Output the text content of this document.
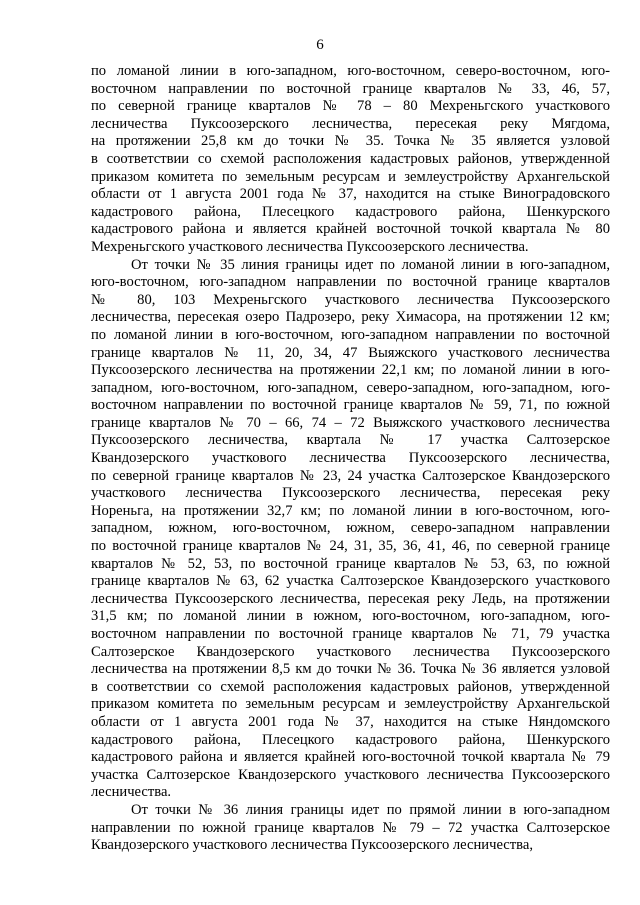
6
по ломаной линии в юго-западном, юго-восточном, северо-восточном, юго-
восточном направлении по восточной границе кварталов № 33, 46, 57,
по северной границе кварталов № 78 – 80 Мехреньгского участкового
лесничества Пуксоозерского лесничества, пересекая реку Мягдома,
на протяжении 25,8 км до точки № 35. Точка № 35 является узловой
в соответствии со схемой расположения кадастровых районов, утвержденной
приказом комитета по земельным ресурсам и землеустройству Архангельской
области от 1 августа 2001 года № 37, находится на стыке Виноградовского
кадастрового района, Плесецкого кадастрового района, Шенкурского
кадастрового района и является крайней восточной точкой квартала № 80
Мехреньгского участкового лесничества Пуксоозерского лесничества.
От точки № 35 линия границы идет по ломаной линии в юго-западном,
юго-восточном, юго-западном направлении по восточной границе кварталов
№ 80, 103 Мехреньгского участкового лесничества Пуксоозерского
лесничества, пересекая озеро Падрозеро, реку Химасора, на протяжении 12 км;
по ломаной линии в юго-восточном, юго-западном направлении по восточной
границе кварталов № 11, 20, 34, 47 Выяжского участкового лесничества
Пуксоозерского лесничества на протяжении 22,1 км; по ломаной линии в юго-
западном, юго-восточном, юго-западном, северо-западном, юго-западном, юго-
восточном направлении по восточной границе кварталов № 59, 71, по южной
границе кварталов № 70 – 66, 74 – 72 Выяжского участкового лесничества
Пуксоозерского лесничества, квартала № 17 участка Салтозерское
Квандозерского участкового лесничества Пуксоозерского лесничества,
по северной границе кварталов № 23, 24 участка Салтозерское Квандозерского
участкового лесничества Пуксоозерского лесничества, пересекая реку
Нореньга, на протяжении 32,7 км; по ломаной линии в юго-восточном, юго-
западном, южном, юго-восточном, южном, северо-западном направлении
по восточной границе кварталов № 24, 31, 35, 36, 41, 46, по северной границе
кварталов № 52, 53, по восточной границе кварталов № 53, 63, по южной
границе кварталов № 63, 62 участка Салтозерское Квандозерского участкового
лесничества Пуксоозерского лесничества, пересекая реку Ледь, на протяжении
31,5 км; по ломаной линии в южном, юго-восточном, юго-западном, юго-
восточном направлении по восточной границе кварталов № 71, 79 участка
Салтозерское Квандозерского участкового лесничества Пуксоозерского
лесничества на протяжении 8,5 км до точки № 36. Точка № 36 является узловой
в соответствии со схемой расположения кадастровых районов, утвержденной
приказом комитета по земельным ресурсам и землеустройству Архангельской
области от 1 августа 2001 года № 37, находится на стыке Няндомского
кадастрового района, Плесецкого кадастрового района, Шенкурского
кадастрового района и является крайней юго-восточной точкой квартала № 79
участка Салтозерское Квандозерского участкового лесничества Пуксоозерского
лесничества.
От точки № 36 линия границы идет по прямой линии в юго-западном
направлении по южной границе кварталов № 79 – 72 участка Салтозерское
Квандозерского участкового лесничества Пуксоозерского лесничества,
